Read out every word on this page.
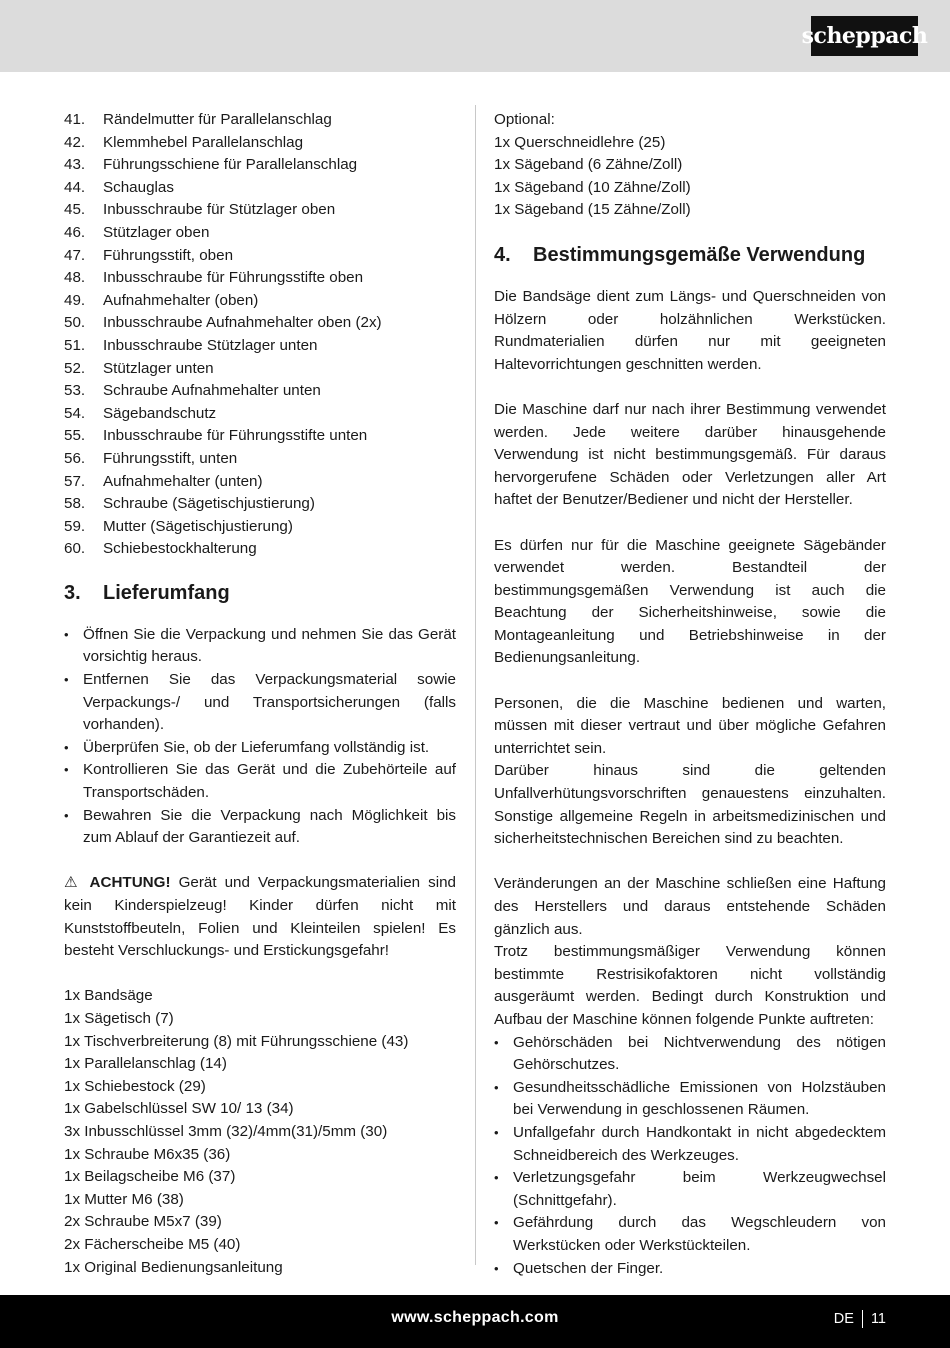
scheppach
41.	Rändelmutter für Parallelanschlag
42.	Klemmhebel Parallelanschlag
43.	Führungsschiene für Parallelanschlag
44.	Schauglas
45.	Inbusschraube für Stützlager oben
46.	Stützlager oben
47.	Führungsstift, oben
48.	Inbusschraube für Führungsstifte oben
49.	Aufnahmehalter (oben)
50.	Inbusschraube Aufnahmehalter oben (2x)
51.	Inbusschraube Stützlager unten
52.	Stützlager unten
53.	Schraube Aufnahmehalter unten
54.	Sägebandschutz
55.	Inbusschraube für Führungsstifte unten
56.	Führungsstift, unten
57.	Aufnahmehalter (unten)
58.	Schraube (Sägetischjustierung)
59.	Mutter (Sägetischjustierung)
60.	Schiebestockhalterung
3.	Lieferumfang
• Öffnen Sie die Verpackung und nehmen Sie das Gerät vorsichtig heraus.
• Entfernen Sie das Verpackungsmaterial sowie Verpackungs-/ und Transportsicherungen (falls vorhanden).
• Überprüfen Sie, ob der Lieferumfang vollständig ist.
• Kontrollieren Sie das Gerät und die Zubehörteile auf Transportschäden.
• Bewahren Sie die Verpackung nach Möglichkeit bis zum Ablauf der Garantiezeit auf.
⚠ ACHTUNG! Gerät und Verpackungsmaterialien sind kein Kinderspielzeug! Kinder dürfen nicht mit Kunststoffbeuteln, Folien und Kleinteilen spielen! Es besteht Verschluckungs- und Erstickungsgefahr!
1x Bandsäge
1x Sägetisch (7)
1x Tischverbreiterung (8) mit Führungsschiene (43)
1x Parallelanschlag (14)
1x Schiebestock (29)
1x Gabelschlüssel SW 10/ 13 (34)
3x Inbusschlüssel 3mm (32)/4mm(31)/5mm (30)
1x Schraube M6x35 (36)
1x Beilagscheibe M6 (37)
1x Mutter M6 (38)
2x Schraube M5x7 (39)
2x Fächerscheibe M5 (40)
1x Original Bedienungsanleitung
Optional:
1x Querschneidlehre (25)
1x Sägeband (6 Zähne/Zoll)
1x Sägeband (10 Zähne/Zoll)
1x Sägeband (15 Zähne/Zoll)
4.	Bestimmungsgemäße Verwendung
Die Bandsäge dient zum Längs- und Querschneiden von Hölzern oder holzähnlichen Werkstücken. Rundmaterialien dürfen nur mit geeigneten Haltevorrichtungen geschnitten werden.
Die Maschine darf nur nach ihrer Bestimmung verwendet werden. Jede weitere darüber hinausgehende Verwendung ist nicht bestimmungsgemäß. Für daraus hervorgerufene Schäden oder Verletzungen aller Art haftet der Benutzer/Bediener und nicht der Hersteller.
Es dürfen nur für die Maschine geeignete Sägebänder verwendet werden. Bestandteil der bestimmungsgemäßen Verwendung ist auch die Beachtung der Sicherheitshinweise, sowie die Montageanleitung und Betriebshinweise in der Bedienungsanleitung.
Personen, die die Maschine bedienen und warten, müssen mit dieser vertraut und über mögliche Gefahren unterrichtet sein.
Darüber hinaus sind die geltenden Unfallverhütungsvorschriften genauestens einzuhalten. Sonstige allgemeine Regeln in arbeitsmedizinischen und sicherheitstechnischen Bereichen sind zu beachten.
Veränderungen an der Maschine schließen eine Haftung des Herstellers und daraus entstehende Schäden gänzlich aus.
Trotz bestimmungsmäßiger Verwendung können bestimmte Restrisikofaktoren nicht vollständig ausgeräumt werden. Bedingt durch Konstruktion und Aufbau der Maschine können folgende Punkte auftreten:
• Gehörschäden bei Nichtverwendung des nötigen Gehörschutzes.
• Gesundheitsschädliche Emissionen von Holzstäuben bei Verwendung in geschlossenen Räumen.
• Unfallgefahr durch Handkontakt in nicht abgedecktem Schneidbereich des Werkzeuges.
• Verletzungsgefahr beim Werkzeugwechsel (Schnittgefahr).
• Gefährdung durch das Wegschleudern von Werkstücken oder Werkstückteilen.
• Quetschen der Finger.
www.scheppach.com	DE 11
